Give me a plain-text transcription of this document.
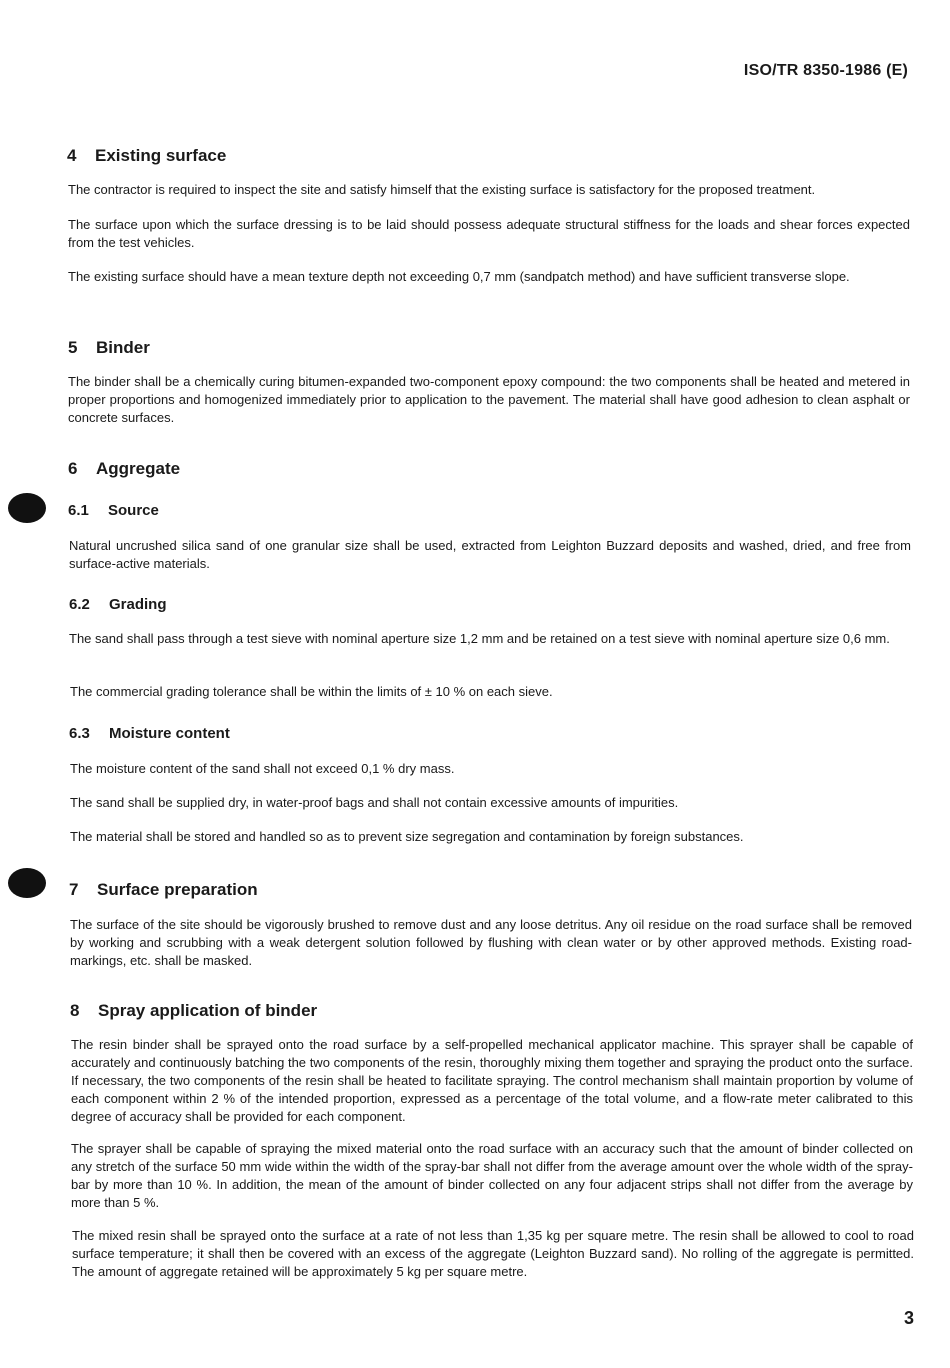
ISO/TR 8350-1986 (E)
4 Existing surface

The contractor is required to inspect the site and satisfy himself that the existing surface is satisfactory for the proposed treatment.

The surface upon which the surface dressing is to be laid should possess adequate structural stiffness for the loads and shear forces expected from the test vehicles.

The existing surface should have a mean texture depth not exceeding 0,7 mm (sandpatch method) and have sufficient transverse slope.

5 Binder

The binder shall be a chemically curing bitumen-expanded two-component epoxy compound: the two components shall be heated and metered in proper proportions and homogenized immediately prior to application to the pavement. The material shall have good adhesion to clean asphalt or concrete surfaces.

6 Aggregate
6.1 Source

Natural uncrushed silica sand of one granular size shall be used, extracted from Leighton Buzzard deposits and washed, dried, and free from surface-active materials.

6.2 Grading

The sand shall pass through a test sieve with nominal aperture size 1,2 mm and be retained on a test sieve with nominal aperture size 0,6 mm.

The commercial grading tolerance shall be within the limits of ± 10 % on each sieve.

6.3 Moisture content

The moisture content of the sand shall not exceed 0,1 % dry mass.

The sand shall be supplied dry, in water-proof bags and shall not contain excessive amounts of impurities.

The material shall be stored and handled so as to prevent size segregation and contamination by foreign substances.

7 Surface preparation

The surface of the site should be vigorously brushed to remove dust and any loose detritus. Any oil residue on the road surface shall be removed by working and scrubbing with a weak detergent solution followed by flushing with clean water or by other approved methods. Existing road-markings, etc. shall be masked.

8 Spray application of binder

The resin binder shall be sprayed onto the road surface by a self-propelled mechanical applicator machine. This sprayer shall be capable of accurately and continuously batching the two components of the resin, thoroughly mixing them together and spraying the product onto the surface. If necessary, the two components of the resin shall be heated to facilitate spraying. The control mechanism shall maintain proportion by volume of each component within 2 % of the intended proportion, expressed as a percentage of the total volume, and a flow-rate meter calibrated to this degree of accuracy shall be provided for each component.

The sprayer shall be capable of spraying the mixed material onto the road surface with an accuracy such that the amount of binder collected on any stretch of the surface 50 mm wide within the width of the spray-bar shall not differ from the average amount over the whole width of the spray-bar by more than 10 %. In addition, the mean of the amount of binder collected on any four adjacent strips shall not differ from the average by more than 5 %.

The mixed resin shall be sprayed onto the surface at a rate of not less than 1,35 kg per square metre. The resin shall be allowed to cool to road surface temperature; it shall then be covered with an excess of the aggregate (Leighton Buzzard sand). No rolling of the aggregate is permitted. The amount of aggregate retained will be approximately 5 kg per square metre.

3
